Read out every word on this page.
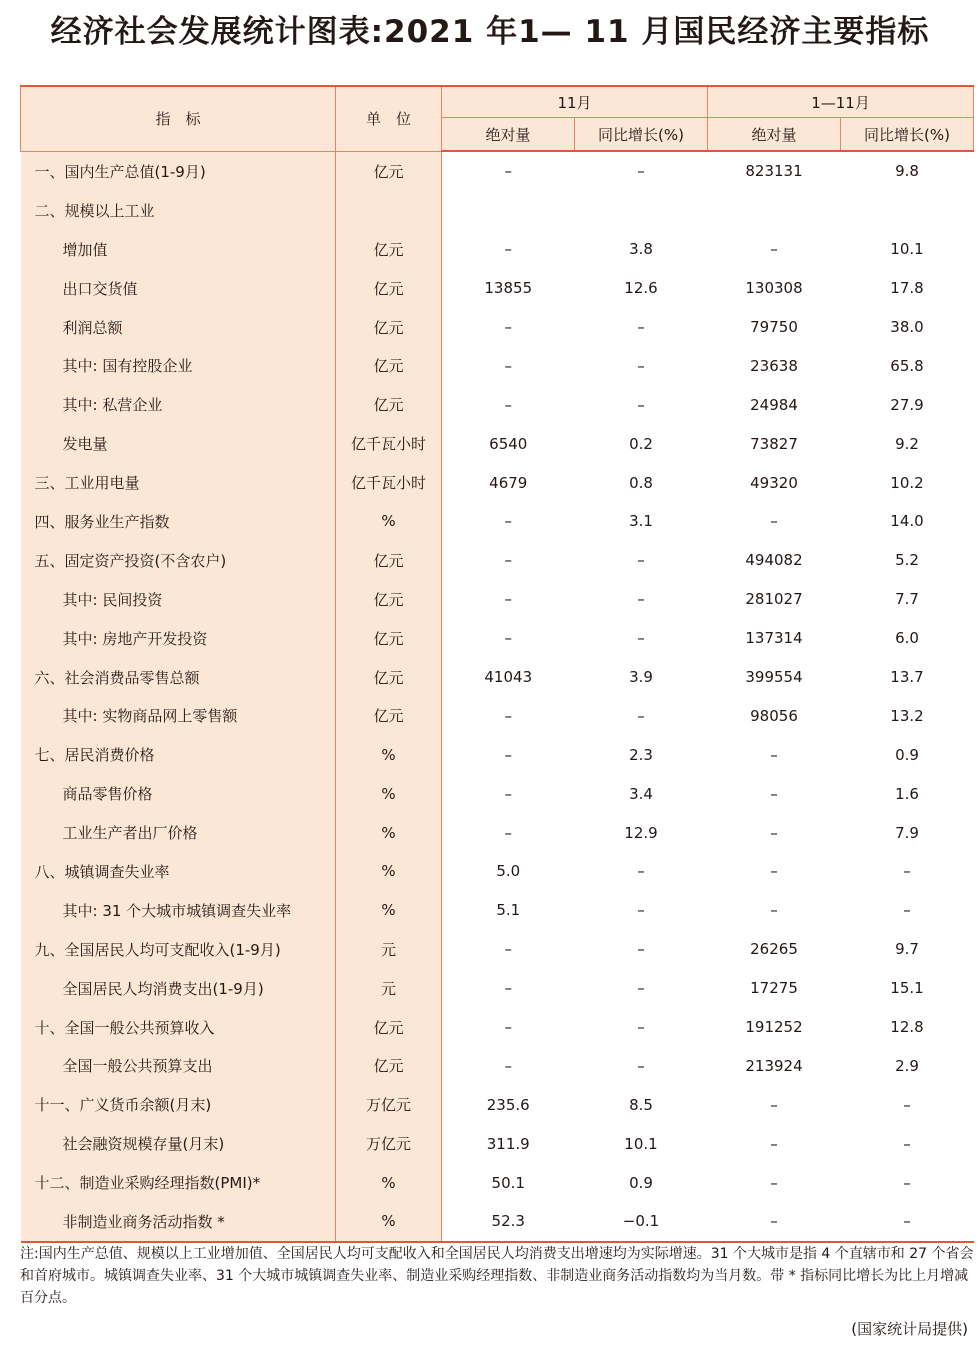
经济社会发展统计图表:2021 年1— 11 月国民经济主要指标
指　标	单　位	11月		1—11月	
		绝对量	同比增长(%)	绝对量	同比增长(%)
一、国内生产总值(1-9月)	亿元	–	–	823131	9.8
二、规模以上工业					
增加值	亿元	–	3.8	–	10.1
出口交货值	亿元	13855	12.6	130308	17.8
利润总额	亿元	–	–	79750	38.0
其中: 国有控股企业	亿元	–	–	23638	65.8
其中: 私营企业	亿元	–	–	24984	27.9
发电量	亿千瓦小时	6540	0.2	73827	9.2
三、工业用电量	亿千瓦小时	4679	0.8	49320	10.2
四、服务业生产指数	%	–	3.1	–	14.0
五、固定资产投资(不含农户)	亿元	–	–	494082	5.2
其中: 民间投资	亿元	–	–	281027	7.7
其中: 房地产开发投资	亿元	–	–	137314	6.0
六、社会消费品零售总额	亿元	41043	3.9	399554	13.7
其中: 实物商品网上零售额	亿元	–	–	98056	13.2
七、居民消费价格	%	–	2.3	–	0.9
商品零售价格	%	–	3.4	–	1.6
工业生产者出厂价格	%	–	12.9	–	7.9
八、城镇调查失业率	%	5.0	–	–	–
其中: 31 个大城市城镇调查失业率	%	5.1	–	–	–
九、全国居民人均可支配收入(1-9月)	元	–	–	26265	9.7
全国居民人均消费支出(1-9月)	元	–	–	17275	15.1
十、全国一般公共预算收入	亿元	–	–	191252	12.8
全国一般公共预算支出	亿元	–	–	213924	2.9
十一、广义货币余额(月末)	万亿元	235.6	8.5	–	–
社会融资规模存量(月末)	万亿元	311.9	10.1	–	–
十二、制造业采购经理指数(PMI)*	%	50.1	0.9	–	–
非制造业商务活动指数 *	%	52.3	−0.1	–	–
注:国内生产总值、规模以上工业增加值、全国居民人均可支配收入和全国居民人均消费支出增速均为实际增速。31 个大城市是指 4 个直辖市和 27 个省会和首府城市。城镇调查失业率、31 个大城市城镇调查失业率、制造业采购经理指数、非制造业商务活动指数均为当月数。带 * 指标同比增长为比上月增减百分点。
(国家统计局提供)
